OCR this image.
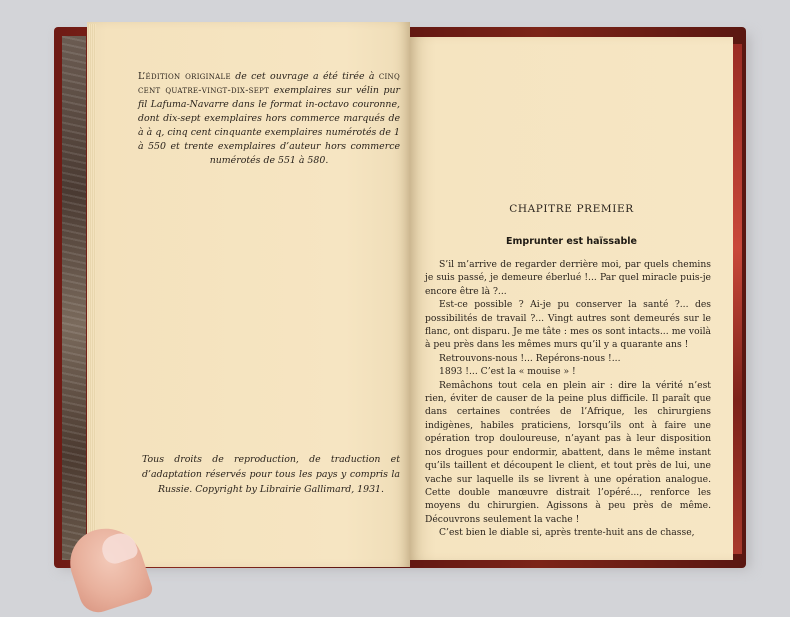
L’édition originale de cet ouvrage a été tirée à cinq cent quatre-vingt-dix-sept exemplaires sur vélin pur fil Lafuma-Navarre dans le format in-octavo couronne, dont dix-sept exemplaires hors commerce marqués de à à q, cinq cent cinquante exemplaires numérotés de 1 à 550 et trente exemplaires d’auteur hors commerce numérotés de 551 à 580.

Tous droits de reproduction, de traduction et d’adaptation réservés pour tous les pays y compris la Russie. Copyright by Librairie Gallimard, 1931.

CHAPITRE PREMIER
Emprunter est haïssable

S’il m’arrive de regarder derrière moi, par quels chemins je suis passé, je demeure éberlué !... Par quel miracle puis-je encore être là ?...

Est-ce possible ? Ai-je pu conserver la santé ?... des possibilités de travail ?... Vingt autres sont demeurés sur le flanc, ont disparu. Je me tâte : mes os sont intacts... me voilà à peu près dans les mêmes murs qu’il y a quarante ans !

Retrouvons-nous !... Repérons-nous !...

1893 !... C’est la « mouise » !

Remâchons tout cela en plein air : dire la vérité n’est rien, éviter de causer de la peine plus difficile. Il paraît que dans certaines contrées de l’Afrique, les chirurgiens indigènes, habiles praticiens, lorsqu’ils ont à faire une opération trop douloureuse, n’ayant pas à leur disposition nos drogues pour endormir, abattent, dans le même instant qu’ils taillent et découpent le client, et tout près de lui, une vache sur laquelle ils se livrent à une opération analogue. Cette double manœuvre distrait l’opéré..., renforce les moyens du chirurgien. Agissons à peu près de même. Découvrons seulement la vache !

C’est bien le diable si, après trente-huit ans de chasse,
